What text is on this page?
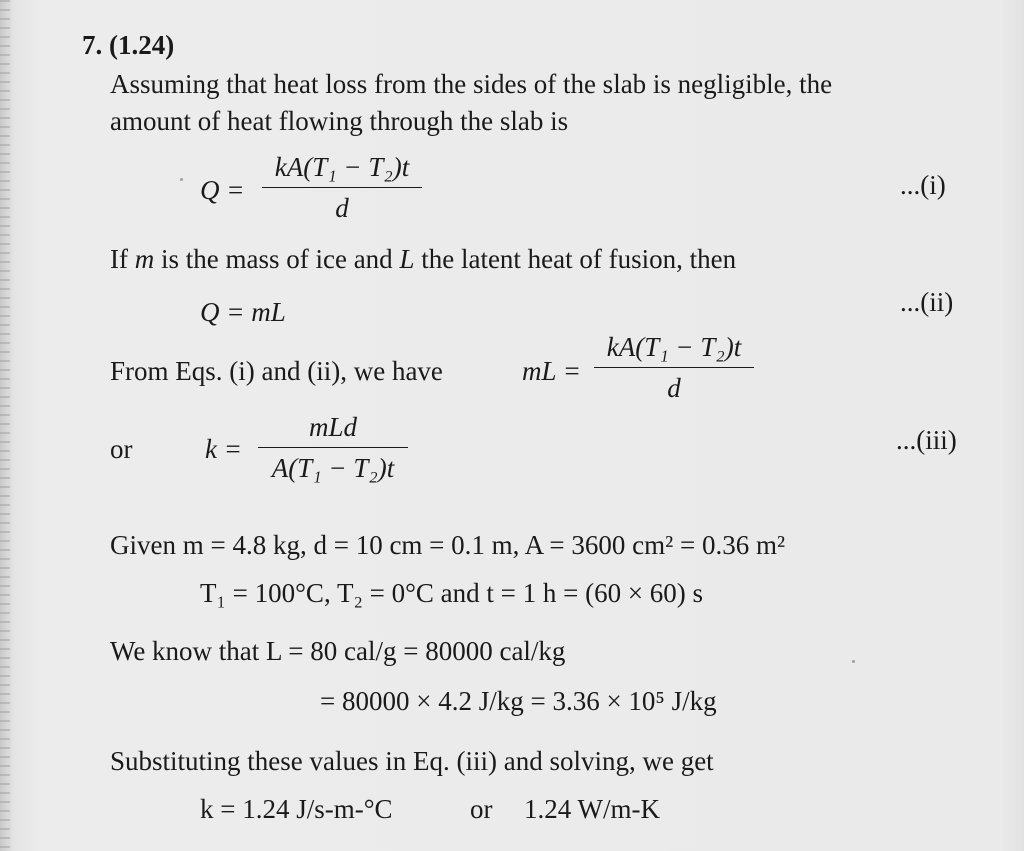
7. (1.24)
Assuming that heat loss from the sides of the slab is negligible, the
amount of heat flowing through the slab is
Q =
kA(T₁ − T₂)t
d
...(i)
If m is the mass of ice and L the latent heat of fusion, then
Q = mL	...(ii)
From Eqs. (i) and (ii), we have	mL =
kA(T₁ − T₂)t
d
or	k =
mLd
A(T₁ − T₂)t
...(iii)
Given m = 4.8 kg, d = 10 cm = 0.1 m, A = 3600 cm² = 0.36 m²
T₁ = 100°C, T₂ = 0°C and t = 1 h = (60 × 60) s
We know that L = 80 cal/g = 80000 cal/kg
= 80000 × 4.2 J/kg = 3.36 × 10⁵ J/kg
Substituting these values in Eq. (iii) and solving, we get
k = 1.24 J/s-m-°C	or 1.24 W/m-K
